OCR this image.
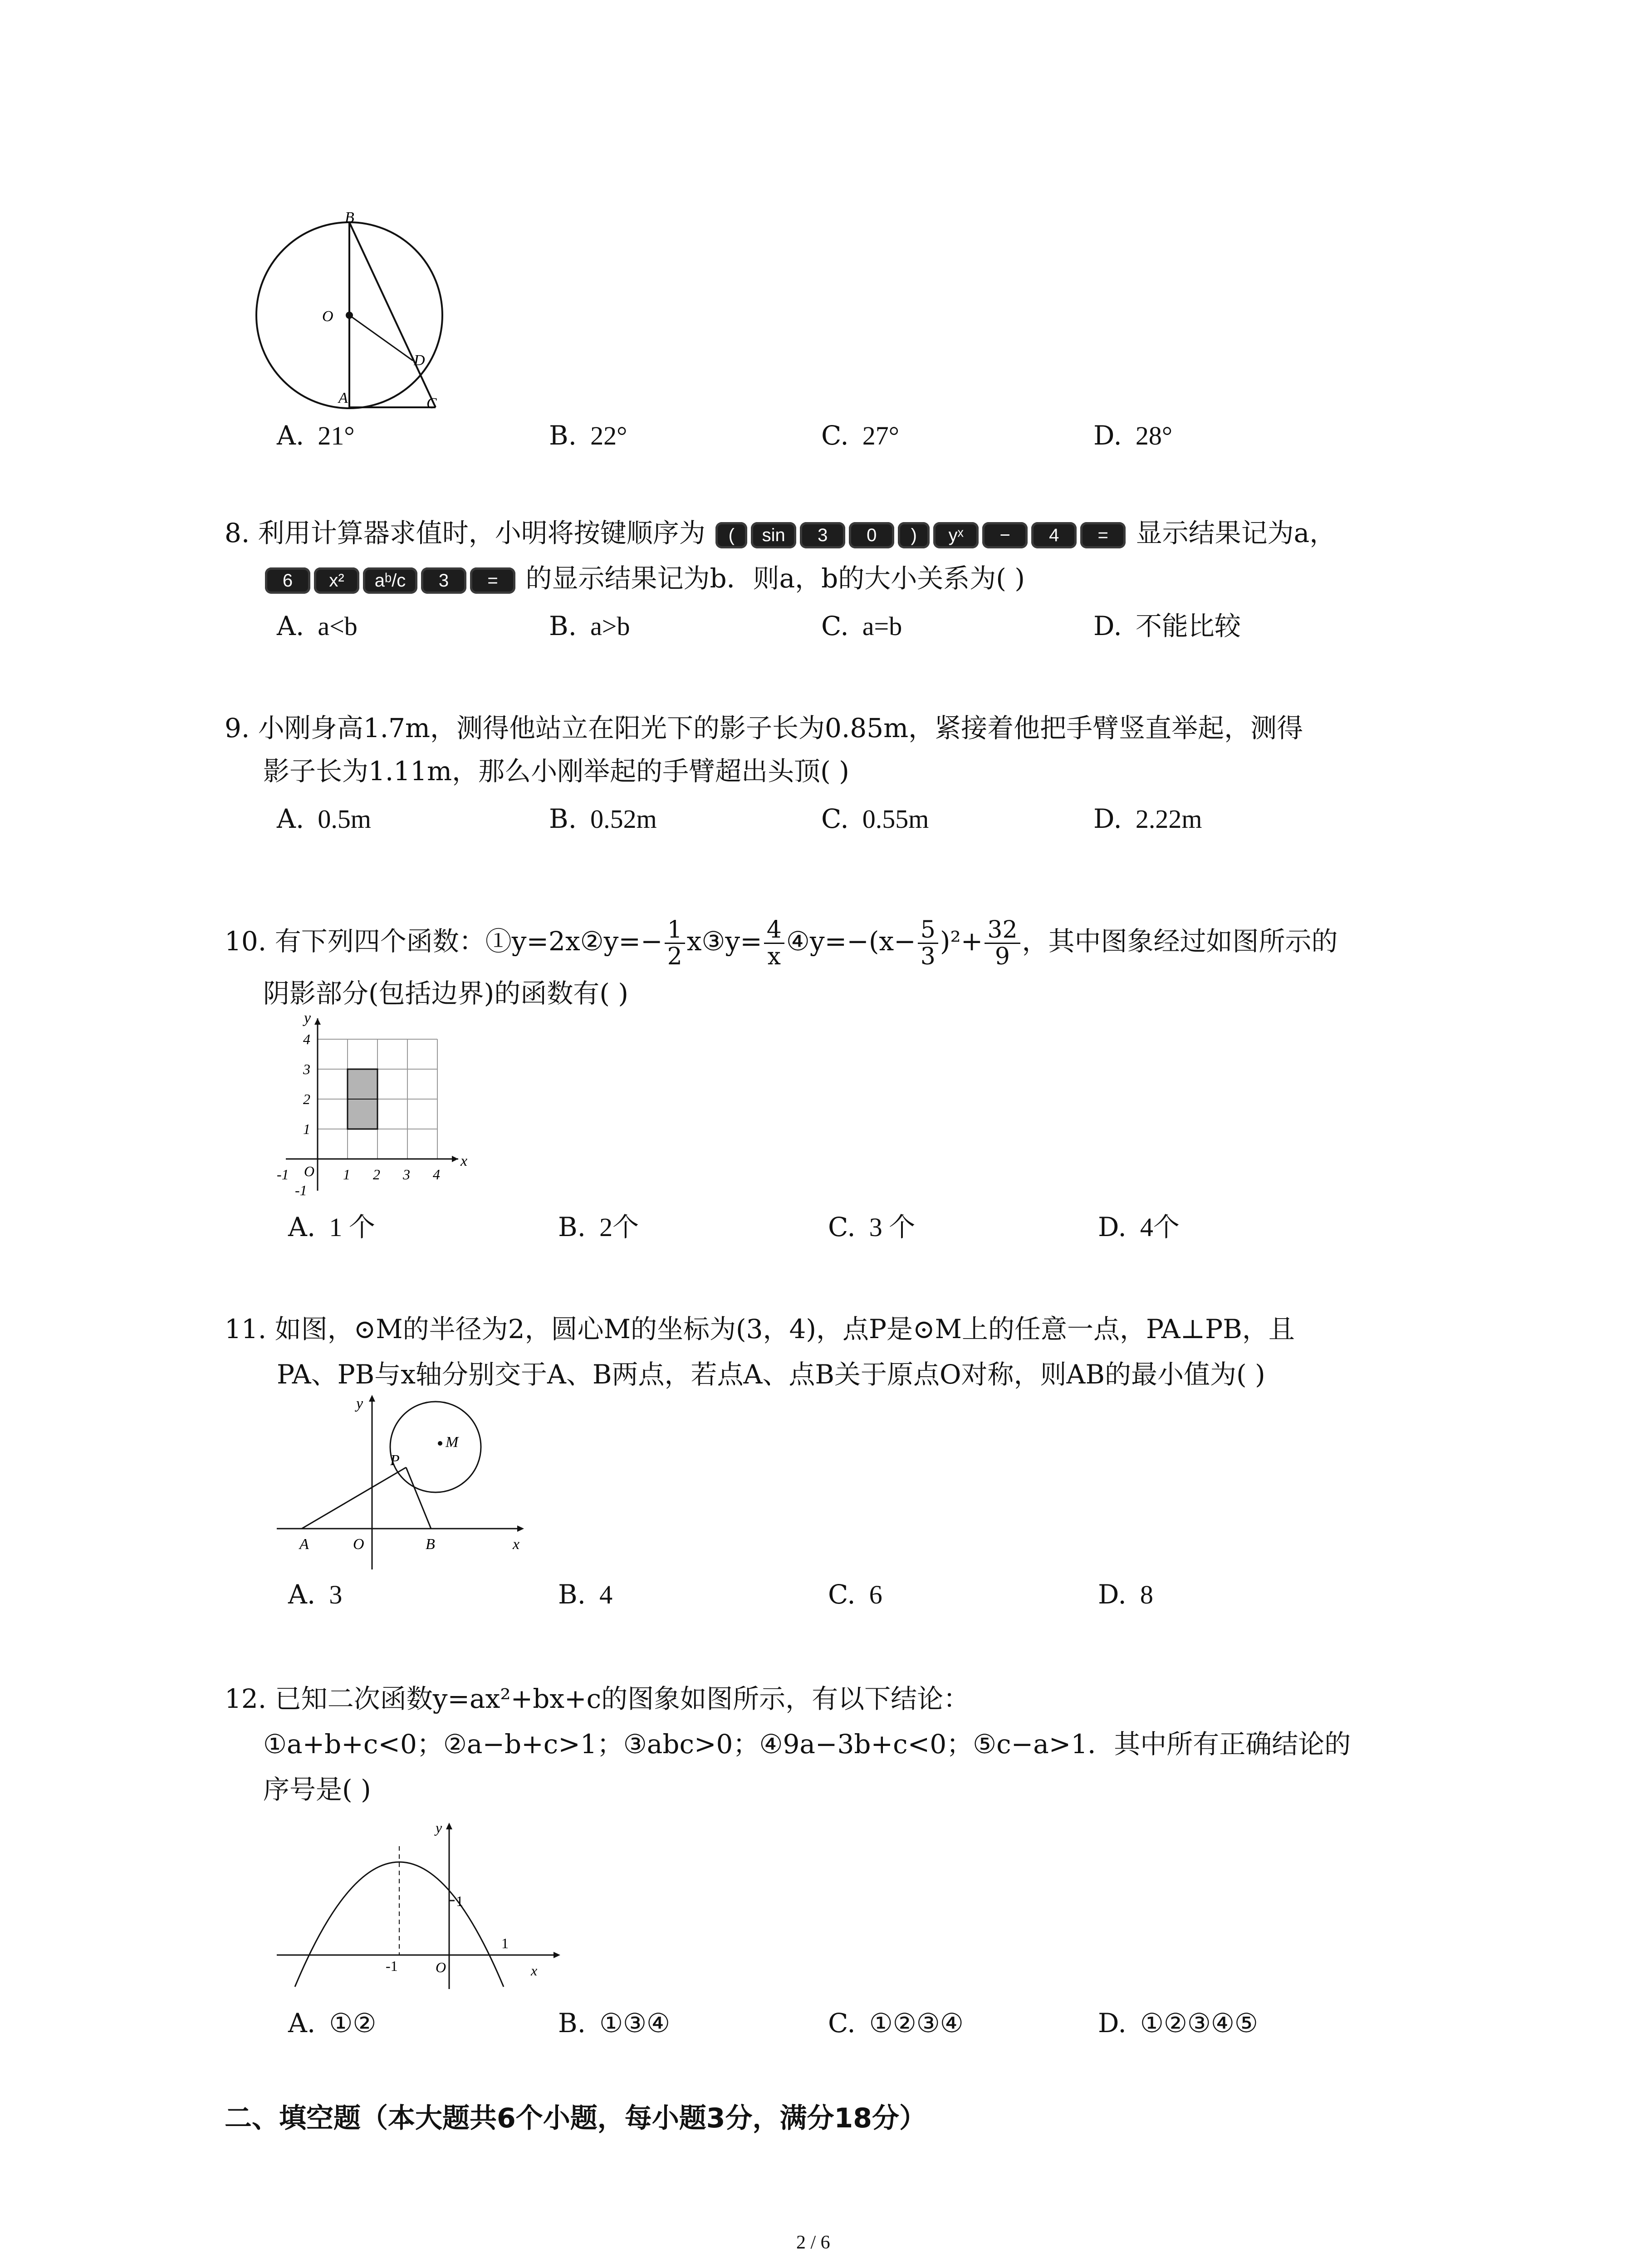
B
O
D
A	C
A. 21°	B. 22°	C. 27°	D. 28°
8. 利用计算器求值时，小明将按键顺序为 ( sin 3 0 ) yˣ − 4 = 显示结果记为a，
6 x² aᵇ/c 3 = 的显示结果记为b．则a，b的大小关系为( )
A. a<b	B. a>b	C. a=b	D. 不能比较
9. 小刚身高1.7m，测得他站立在阳光下的影子长为0.85m，紧接着他把手臂竖直举起，测得
影子长为1.11m，那么小刚举起的手臂超出头顶( )
A. 0.5m	B. 0.52m	C. 0.55m	D. 2.22m
10. 有下列四个函数：①y=2x②y=− $\frac{1}{2}$ x③y= $\frac{4}{x}$ ④y=−(x− $\frac{5}{3} )^2+ \frac{32}{9}$ ，其中图象经过如图所示的
阴影部分(包括边界)的函数有( )
x
y
O
-1	1 2 3 4
4
3
2
1
-1
A. 1 个	B. 2个	C. 3 个	D. 4个
11. 如图，⊙M的半径为2，圆心M的坐标为(3，4)，点P是⊙M上的任意一点，PA⊥PB，且
PA、PB与x轴分别交于A、B两点，若点A、点B关于原点O对称，则AB的最小值为( )
y
M
P
A	O	B	x
A. 3	B. 4	C. 6	D. 8
12. 已知二次函数y=ax²+bx+c的图象如图所示，有以下结论：
①a+b+c<0；②a−b+c>1；③abc>0；④9a−3b+c<0；⑤c−a>1．其中所有正确结论的
序号是( )
y
1
1
-1	O	x
A. ①②	B. ①③④	C. ①②③④	D. ①②③④⑤
二、填空题（本大题共6个小题，每小题3分，满分18分）
2 / 6
